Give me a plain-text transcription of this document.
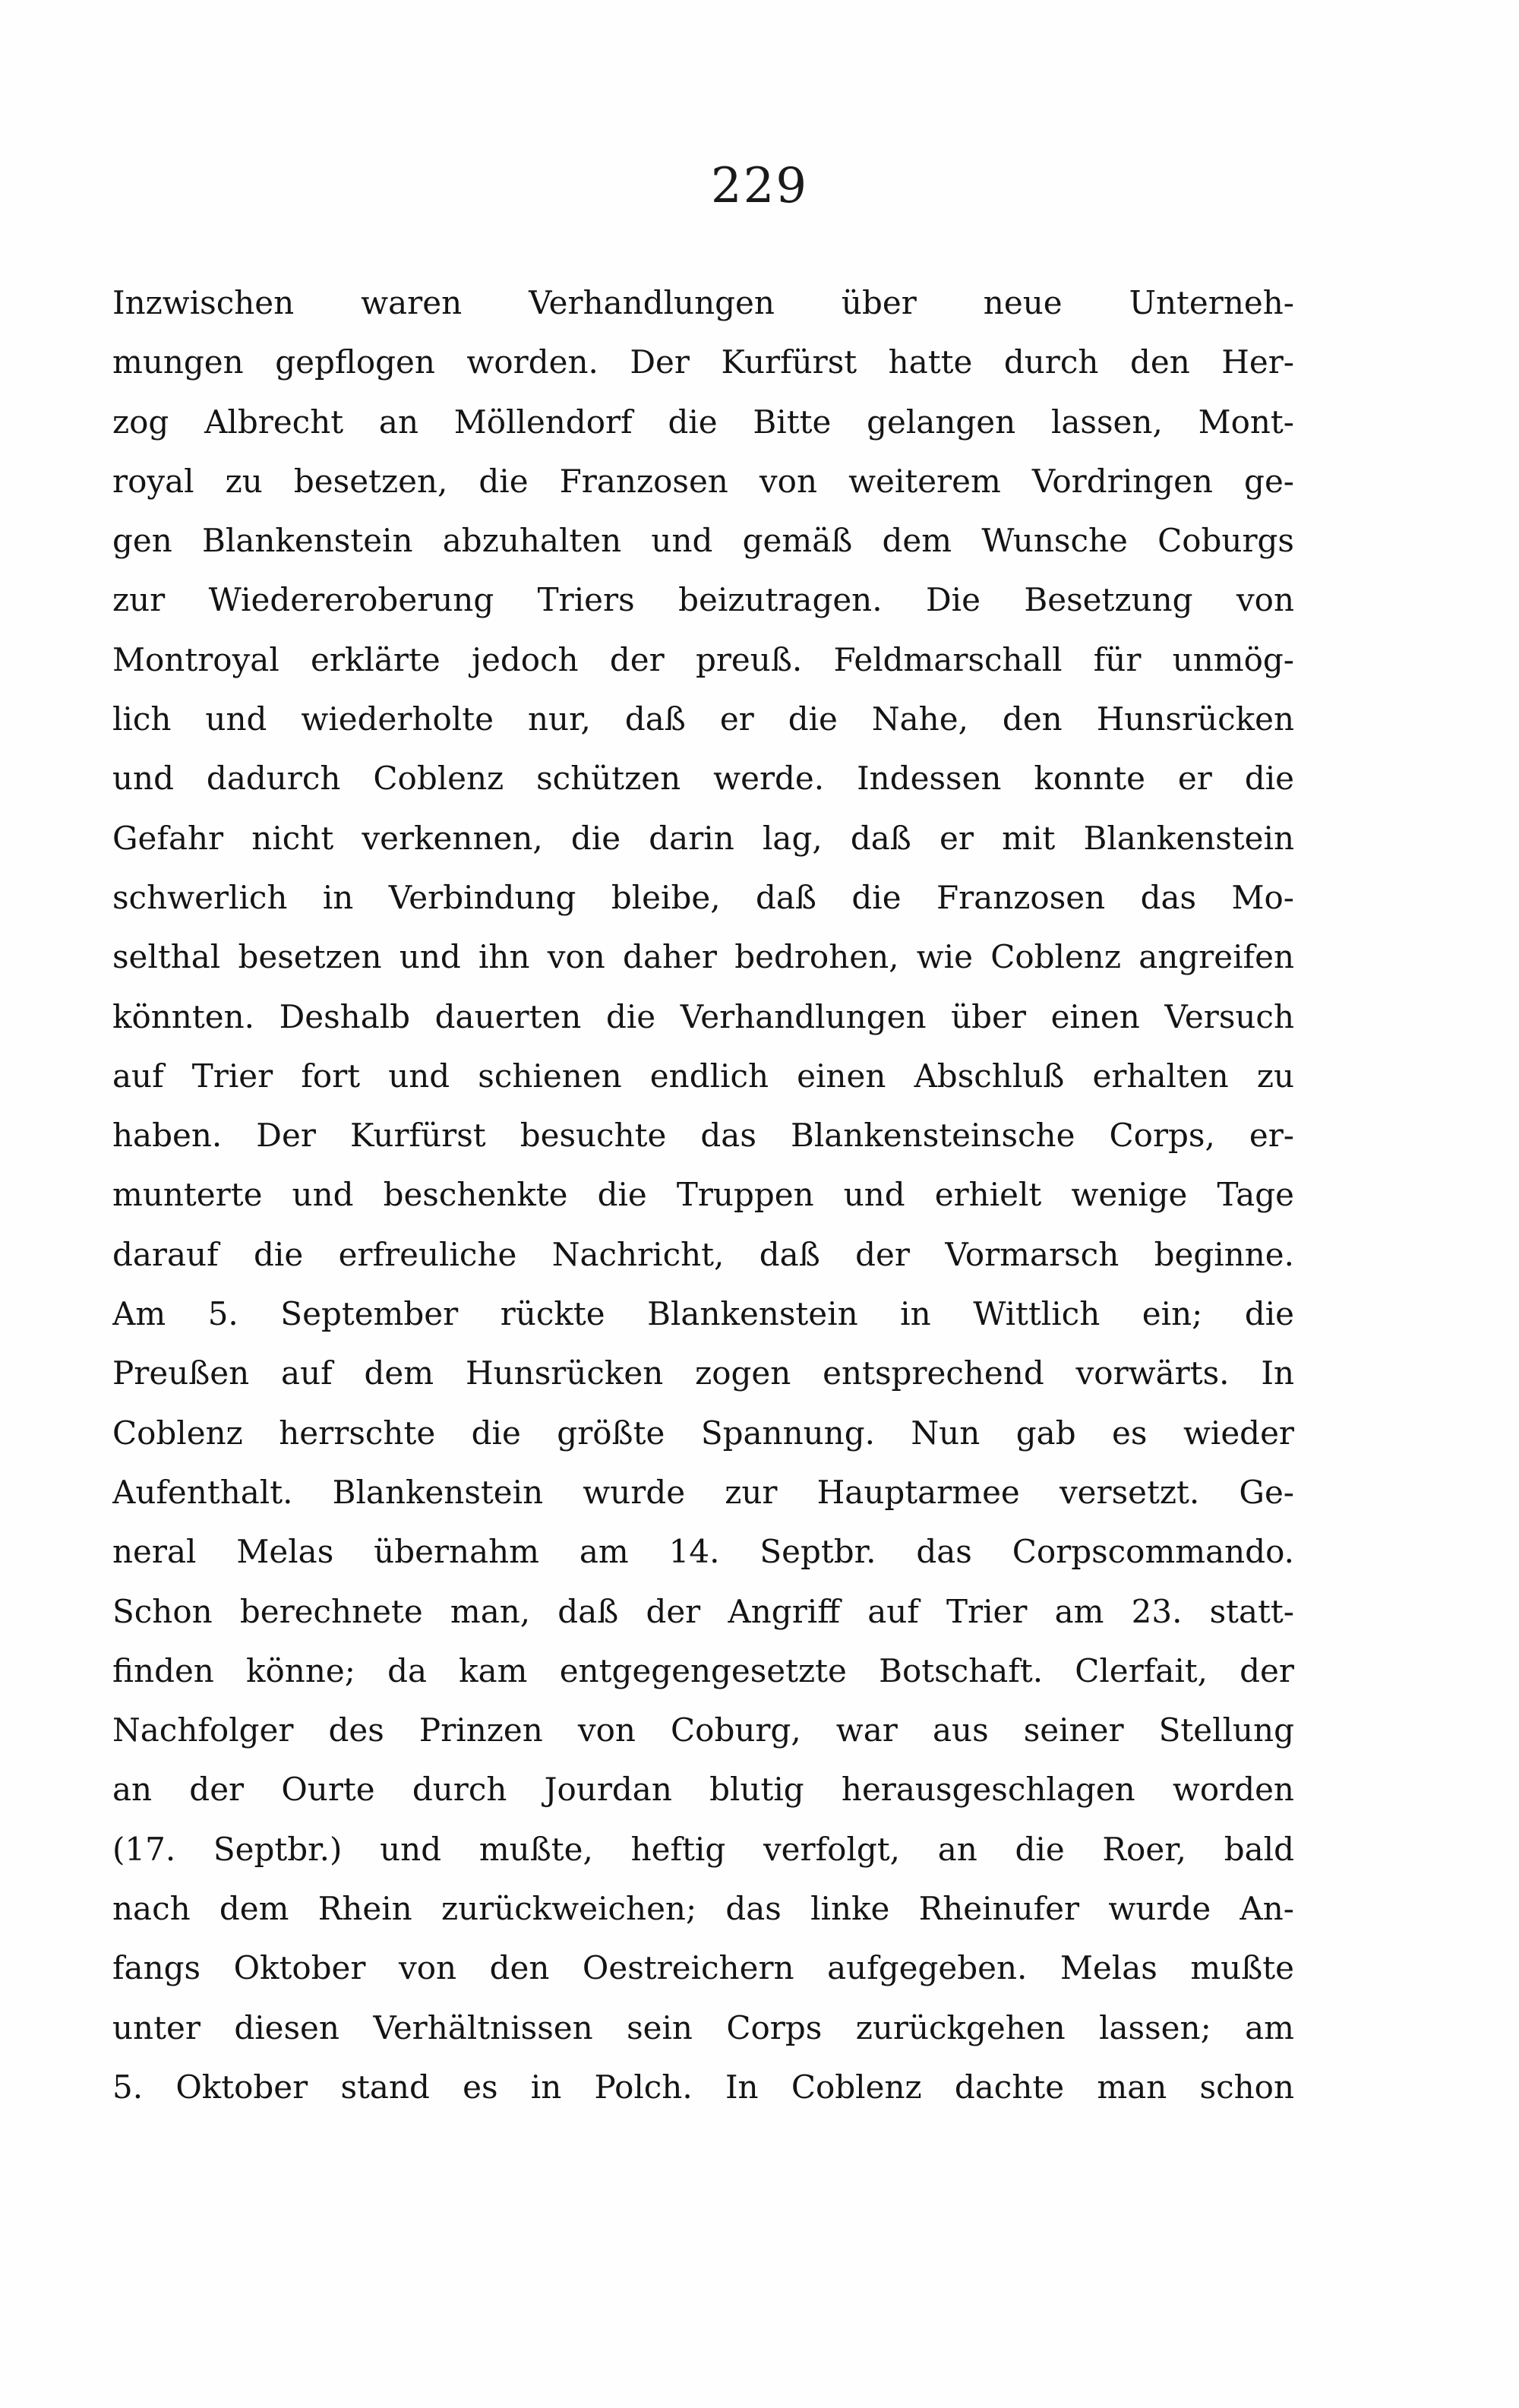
229
Inzwischen waren Verhandlungen über neue Unterneh-
mungen gepflogen worden. Der Kurfürst hatte durch den Her-
zog Albrecht an Möllendorf die Bitte gelangen lassen, Mont-
royal zu besetzen, die Franzosen von weiterem Vordringen ge-
gen Blankenstein abzuhalten und gemäß dem Wunsche Coburgs
zur Wiedereroberung Triers beizutragen. Die Besetzung von
Montroyal erklärte jedoch der preuß. Feldmarschall für unmög-
lich und wiederholte nur, daß er die Nahe, den Hunsrücken
und dadurch Coblenz schützen werde. Indessen konnte er die
Gefahr nicht verkennen, die darin lag, daß er mit Blankenstein
schwerlich in Verbindung bleibe, daß die Franzosen das Mo-
selthal besetzen und ihn von daher bedrohen, wie Coblenz angreifen
könnten. Deshalb dauerten die Verhandlungen über einen Versuch
auf Trier fort und schienen endlich einen Abschluß erhalten zu
haben. Der Kurfürst besuchte das Blankensteinsche Corps, er-
munterte und beschenkte die Truppen und erhielt wenige Tage
darauf die erfreuliche Nachricht, daß der Vormarsch beginne.
Am 5. September rückte Blankenstein in Wittlich ein; die
Preußen auf dem Hunsrücken zogen entsprechend vorwärts. In
Coblenz herrschte die größte Spannung. Nun gab es wieder
Aufenthalt. Blankenstein wurde zur Hauptarmee versetzt. Ge-
neral Melas übernahm am 14. Septbr. das Corpscommando.
Schon berechnete man, daß der Angriff auf Trier am 23. statt-
finden könne; da kam entgegengesetzte Botschaft. Clerfait, der
Nachfolger des Prinzen von Coburg, war aus seiner Stellung
an der Ourte durch Jourdan blutig herausgeschlagen worden
(17. Septbr.) und mußte, heftig verfolgt, an die Roer, bald
nach dem Rhein zurückweichen; das linke Rheinufer wurde An-
fangs Oktober von den Oestreichern aufgegeben. Melas mußte
unter diesen Verhältnissen sein Corps zurückgehen lassen; am
5. Oktober stand es in Polch. In Coblenz dachte man schon
